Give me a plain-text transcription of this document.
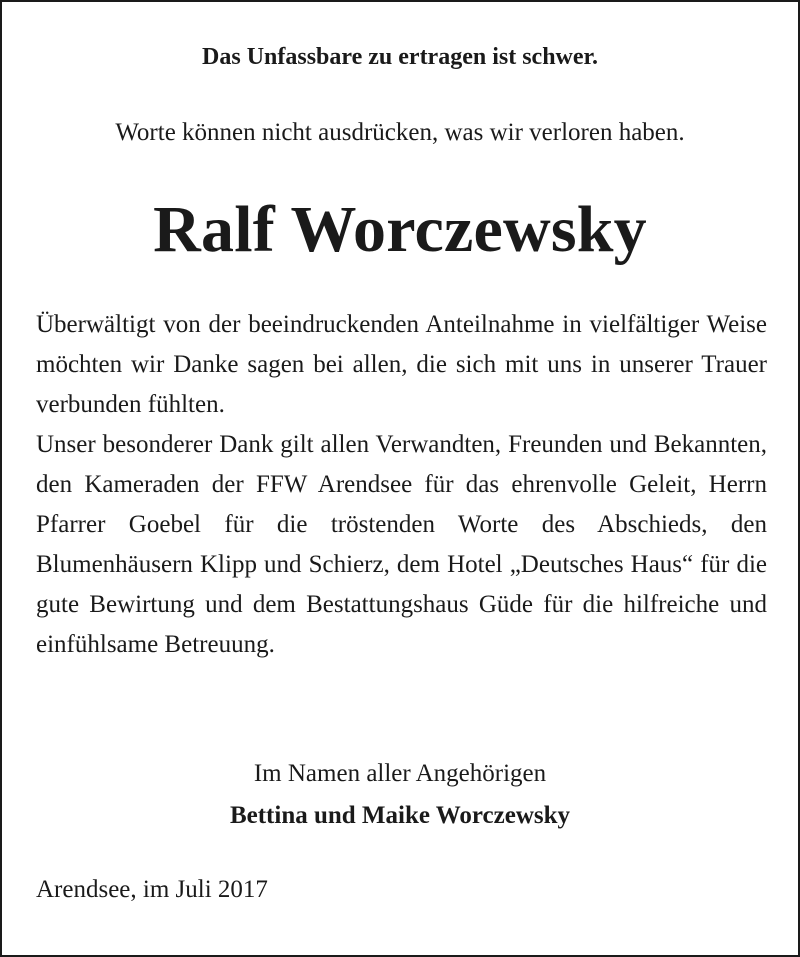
Das Unfassbare zu ertragen ist schwer.
Worte können nicht ausdrücken, was wir verloren haben.
Ralf Worczewsky
Überwältigt von der beeindruckenden Anteilnahme in vielfältiger Weise möchten wir Danke sagen bei allen, die sich mit uns in unserer Trauer verbunden fühlten.
Unser besonderer Dank gilt allen Verwandten, Freunden und Bekannten, den Kameraden der FFW Arendsee für das ehrenvolle Geleit, Herrn Pfarrer Goebel für die tröstenden Worte des Abschieds, den Blumenhäusern Klipp und Schierz, dem Hotel „Deutsches Haus“ für die gute Bewirtung und dem Bestattungshaus Güde für die hilfreiche und einfühlsame Betreuung.
Im Namen aller Angehörigen
Bettina und Maike Worczewsky
Arendsee, im Juli 2017
